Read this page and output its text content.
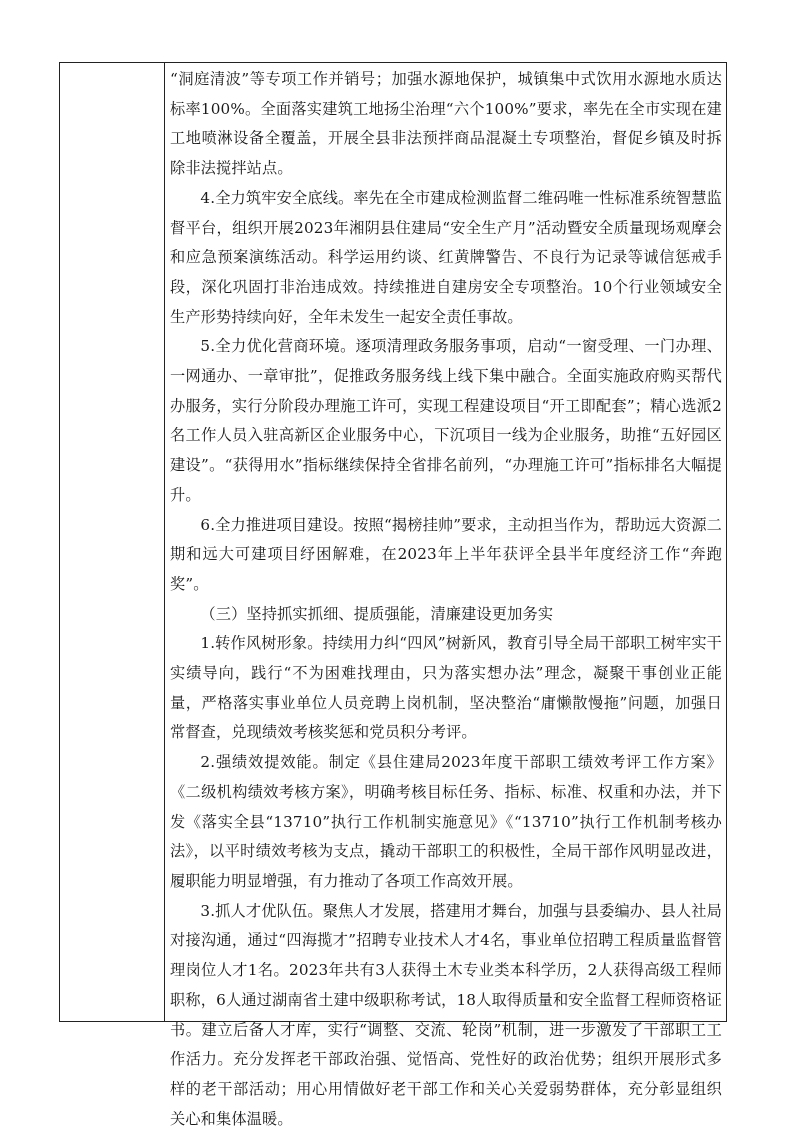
“洞庭清波”等专项工作并销号；加强水源地保护，城镇集中式饮用水源地水质达标率100%。全面落实建筑工地扬尘治理“六个100%”要求，率先在全市实现在建工地喷淋设备全覆盖，开展全县非法预拌商品混凝土专项整治，督促乡镇及时拆除非法搅拌站点。

4.全力筑牢安全底线。率先在全市建成检测监督二维码唯一性标准系统智慧监督平台，组织开展2023年湘阴县住建局“安全生产月”活动暨安全质量现场观摩会和应急预案演练活动。科学运用约谈、红黄牌警告、不良行为记录等诚信惩戒手段，深化巩固打非治违成效。持续推进自建房安全专项整治。10个行业领域安全生产形势持续向好，全年未发生一起安全责任事故。

5.全力优化营商环境。逐项清理政务服务事项，启动“一窗受理、一门办理、一网通办、一章审批”，促推政务服务线上线下集中融合。全面实施政府购买帮代办服务，实行分阶段办理施工许可，实现工程建设项目“开工即配套”；精心选派2名工作人员入驻高新区企业服务中心，下沉项目一线为企业服务，助推“五好园区建设”。“获得用水”指标继续保持全省排名前列，“办理施工许可”指标排名大幅提升。

6.全力推进项目建设。按照“揭榜挂帅”要求，主动担当作为，帮助远大资源二期和远大可建项目纾困解难，在2023年上半年获评全县半年度经济工作“奔跑奖”。

（三）坚持抓实抓细、提质强能，清廉建设更加务实

1.转作风树形象。持续用力纠“四风”树新风，教育引导全局干部职工树牢实干实绩导向，践行“不为困难找理由，只为落实想办法”理念，凝聚干事创业正能量，严格落实事业单位人员竞聘上岗机制，坚决整治“庸懒散慢拖”问题，加强日常督查，兑现绩效考核奖惩和党员积分考评。

2.强绩效提效能。制定《县住建局2023年度干部职工绩效考评工作方案》《二级机构绩效考核方案》，明确考核目标任务、指标、标准、权重和办法，并下发《落实全县“13710”执行工作机制实施意见》《“13710”执行工作机制考核办法》，以平时绩效考核为支点，撬动干部职工的积极性，全局干部作风明显改进，履职能力明显增强，有力推动了各项工作高效开展。

3.抓人才优队伍。聚焦人才发展，搭建用才舞台，加强与县委编办、县人社局对接沟通，通过“四海揽才”招聘专业技术人才4名，事业单位招聘工程质量监督管理岗位人才1名。2023年共有3人获得土木专业类本科学历，2人获得高级工程师职称，6人通过湖南省土建中级职称考试，18人取得质量和安全监督工程师资格证书。建立后备人才库，实行“调整、交流、轮岗”机制，进一步激发了干部职工工作活力。充分发挥老干部政治强、觉悟高、党性好的政治优势；组织开展形式多样的老干部活动；用心用情做好老干部工作和关心关爱弱势群体，充分彰显组织关心和集体温暖。
